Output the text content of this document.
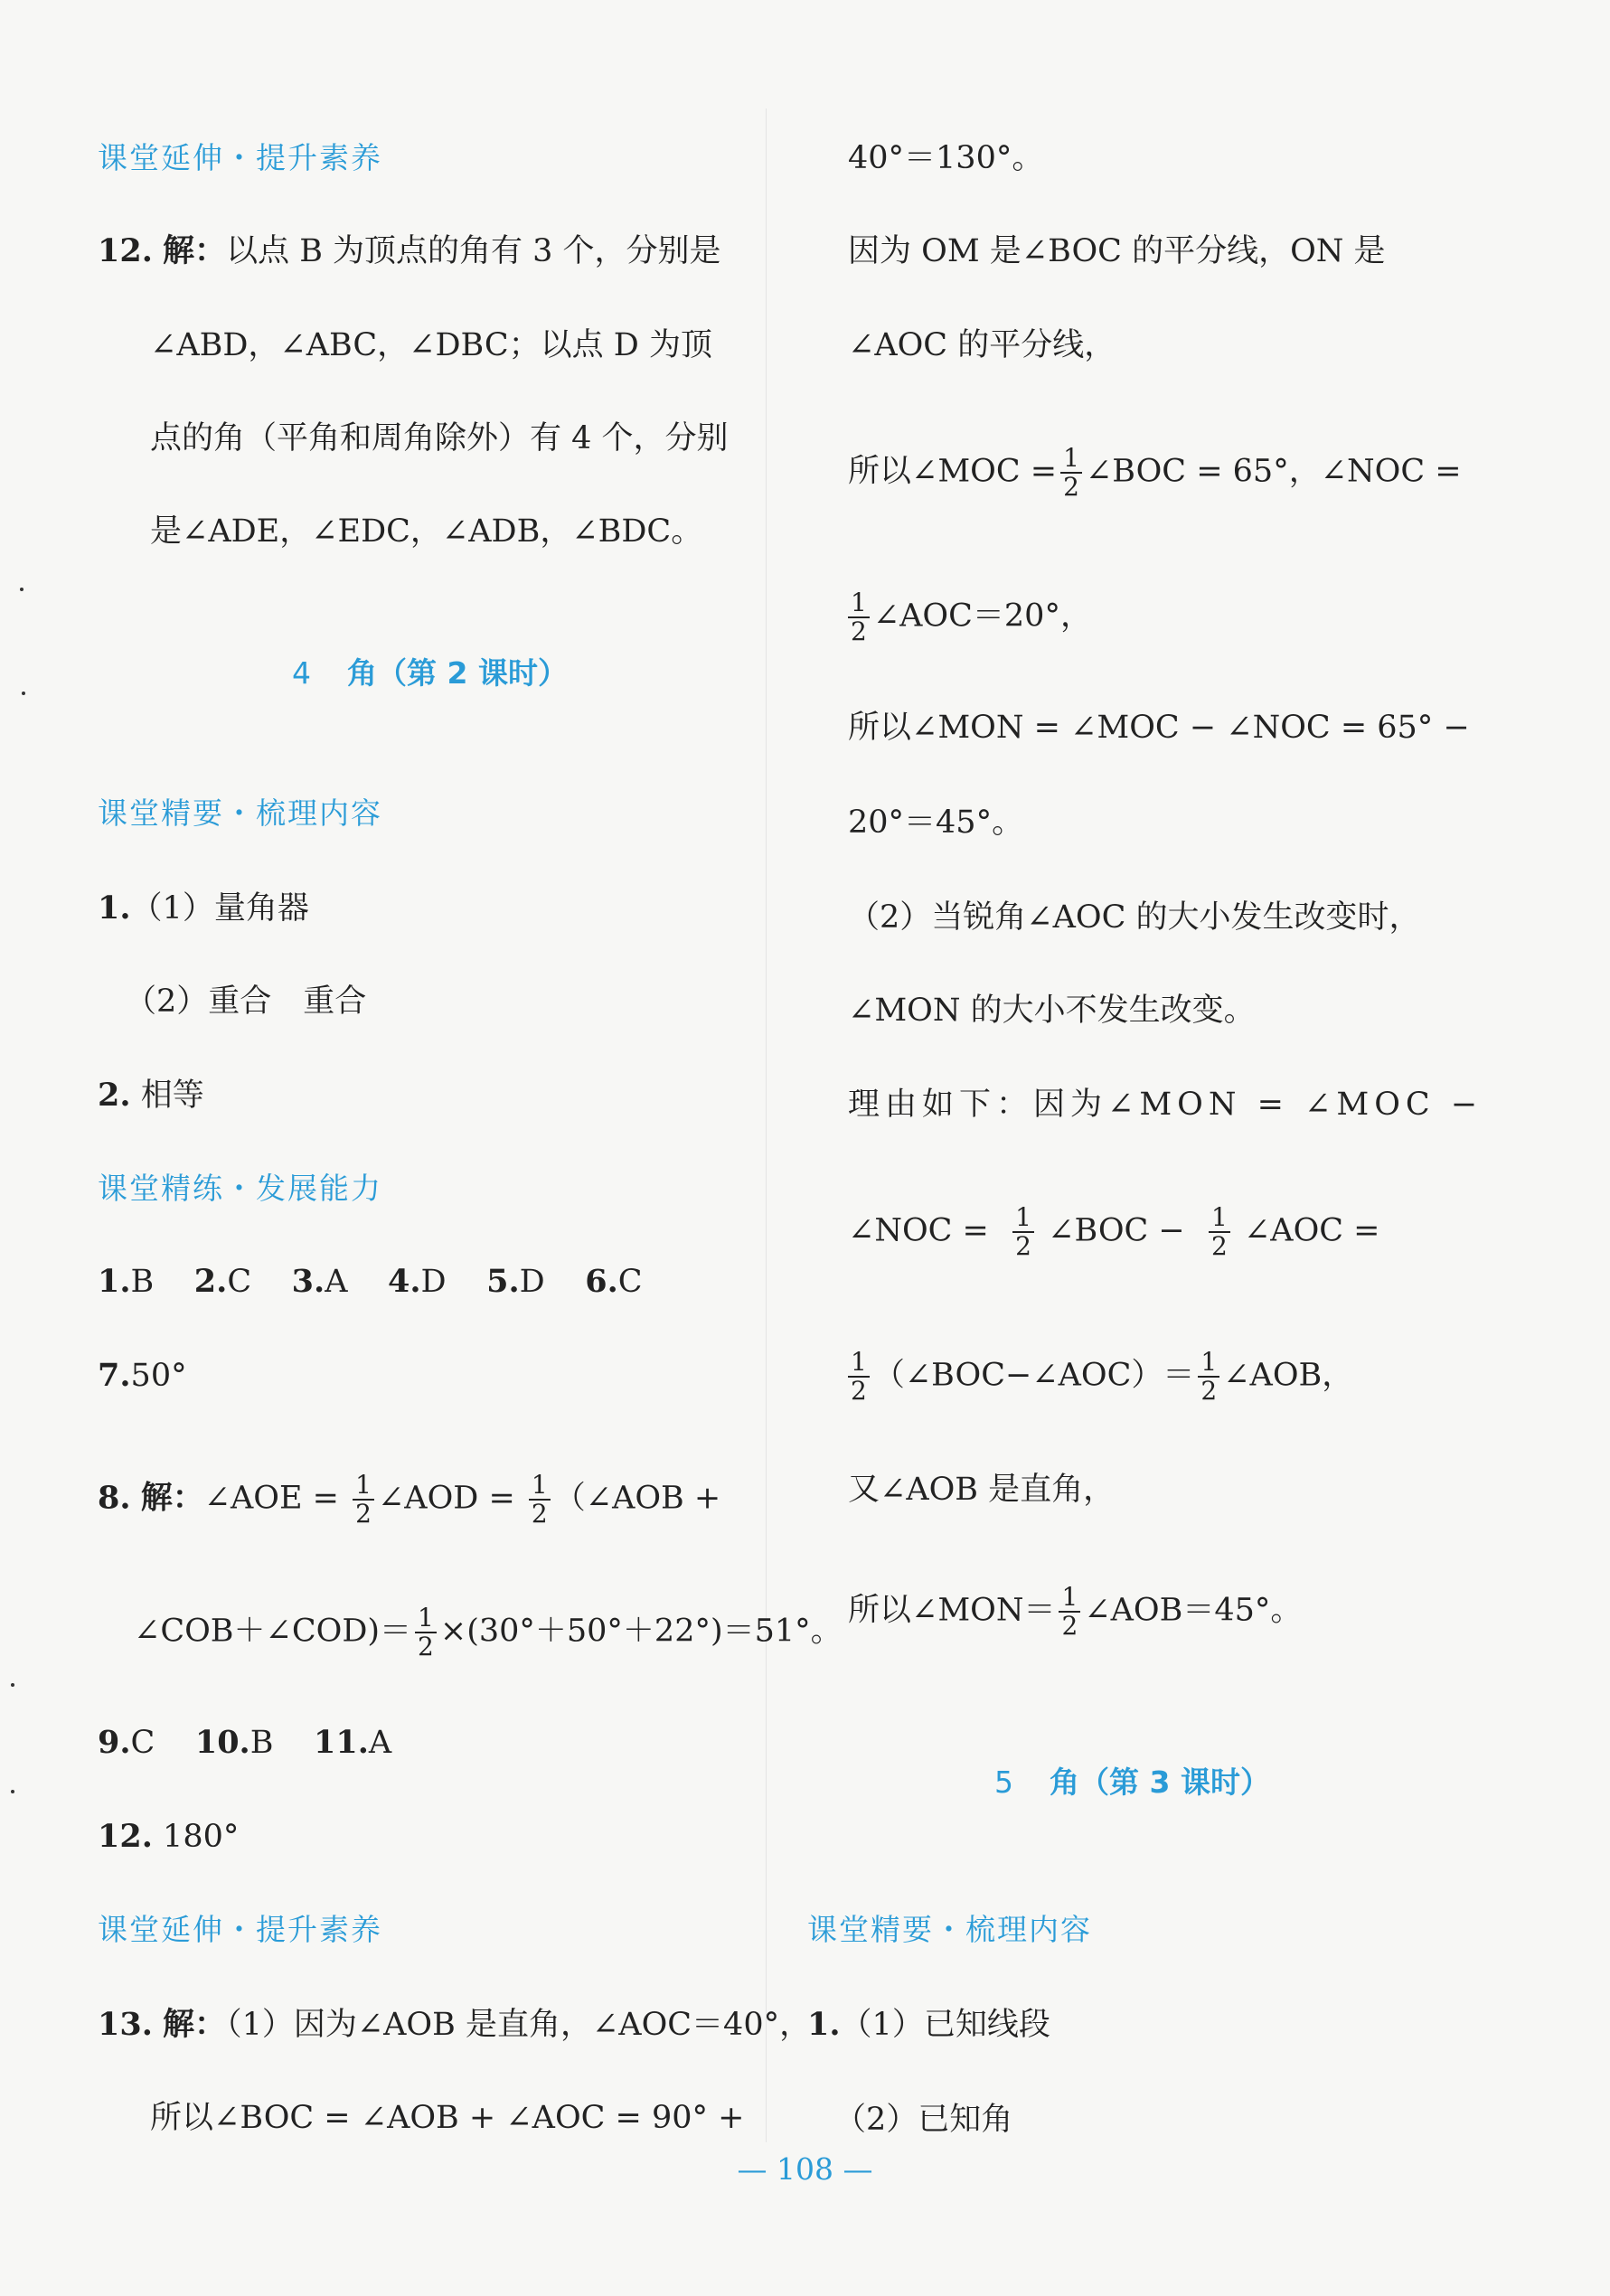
课堂延伸・提升素养
12. 解：以点 B 为顶点的角有 3 个，分别是
∠ABD，∠ABC，∠DBC；以点 D 为顶
点的角（平角和周角除外）有 4 个，分别
是∠ADE，∠EDC，∠ADB，∠BDC。
4 角（第 2 课时）
课堂精要・梳理内容
1.（1）量角器
（2）重合　重合
2. 相等
课堂精练・发展能力
1.B 2.C 3.A 4.D 5.D 6.C
7.50°
8. 解：∠AOE = $\frac{1}{2}$ ∠AOD = $\frac{1}{2}$ （∠AOB +
∠COB＋∠COD)＝ $\frac{1}{2} \times(30^\circ+50^\circ+22^\circ)=51^\circ$。
9.C 10.B 11.A
12. 180°
课堂延伸・提升素养
13. 解：（1）因为∠AOB 是直角，∠AOC＝40°，
所以∠BOC = ∠AOB + ∠AOC = 90° +
40°＝130°。
因为 OM 是∠BOC 的平分线，ON 是
∠AOC 的平分线，
所以∠MOC = $\frac{1}{2}$ ∠BOC = 65°，∠NOC =
$\frac{1}{2}$ ∠AOC＝20°，
所以∠MON = ∠MOC − ∠NOC = 65° −
20°＝45°。
（2）当锐角∠AOC 的大小发生改变时，
∠MON 的大小不发生改变。
理由如下：因为∠MON = ∠MOC −
∠NOC = $\frac{1}{2}$ ∠BOC − $\frac{1}{2}$ ∠AOC =
$\frac{1}{2}$ （∠BOC−∠AOC）＝ $\frac{1}{2}$ ∠AOB，
又∠AOB 是直角，
所以∠MON＝ $\frac{1}{2}$ ∠AOB＝45°。
5 角（第 3 课时）
课堂精要・梳理内容
1.（1）已知线段
（2）已知角
— 108 —
